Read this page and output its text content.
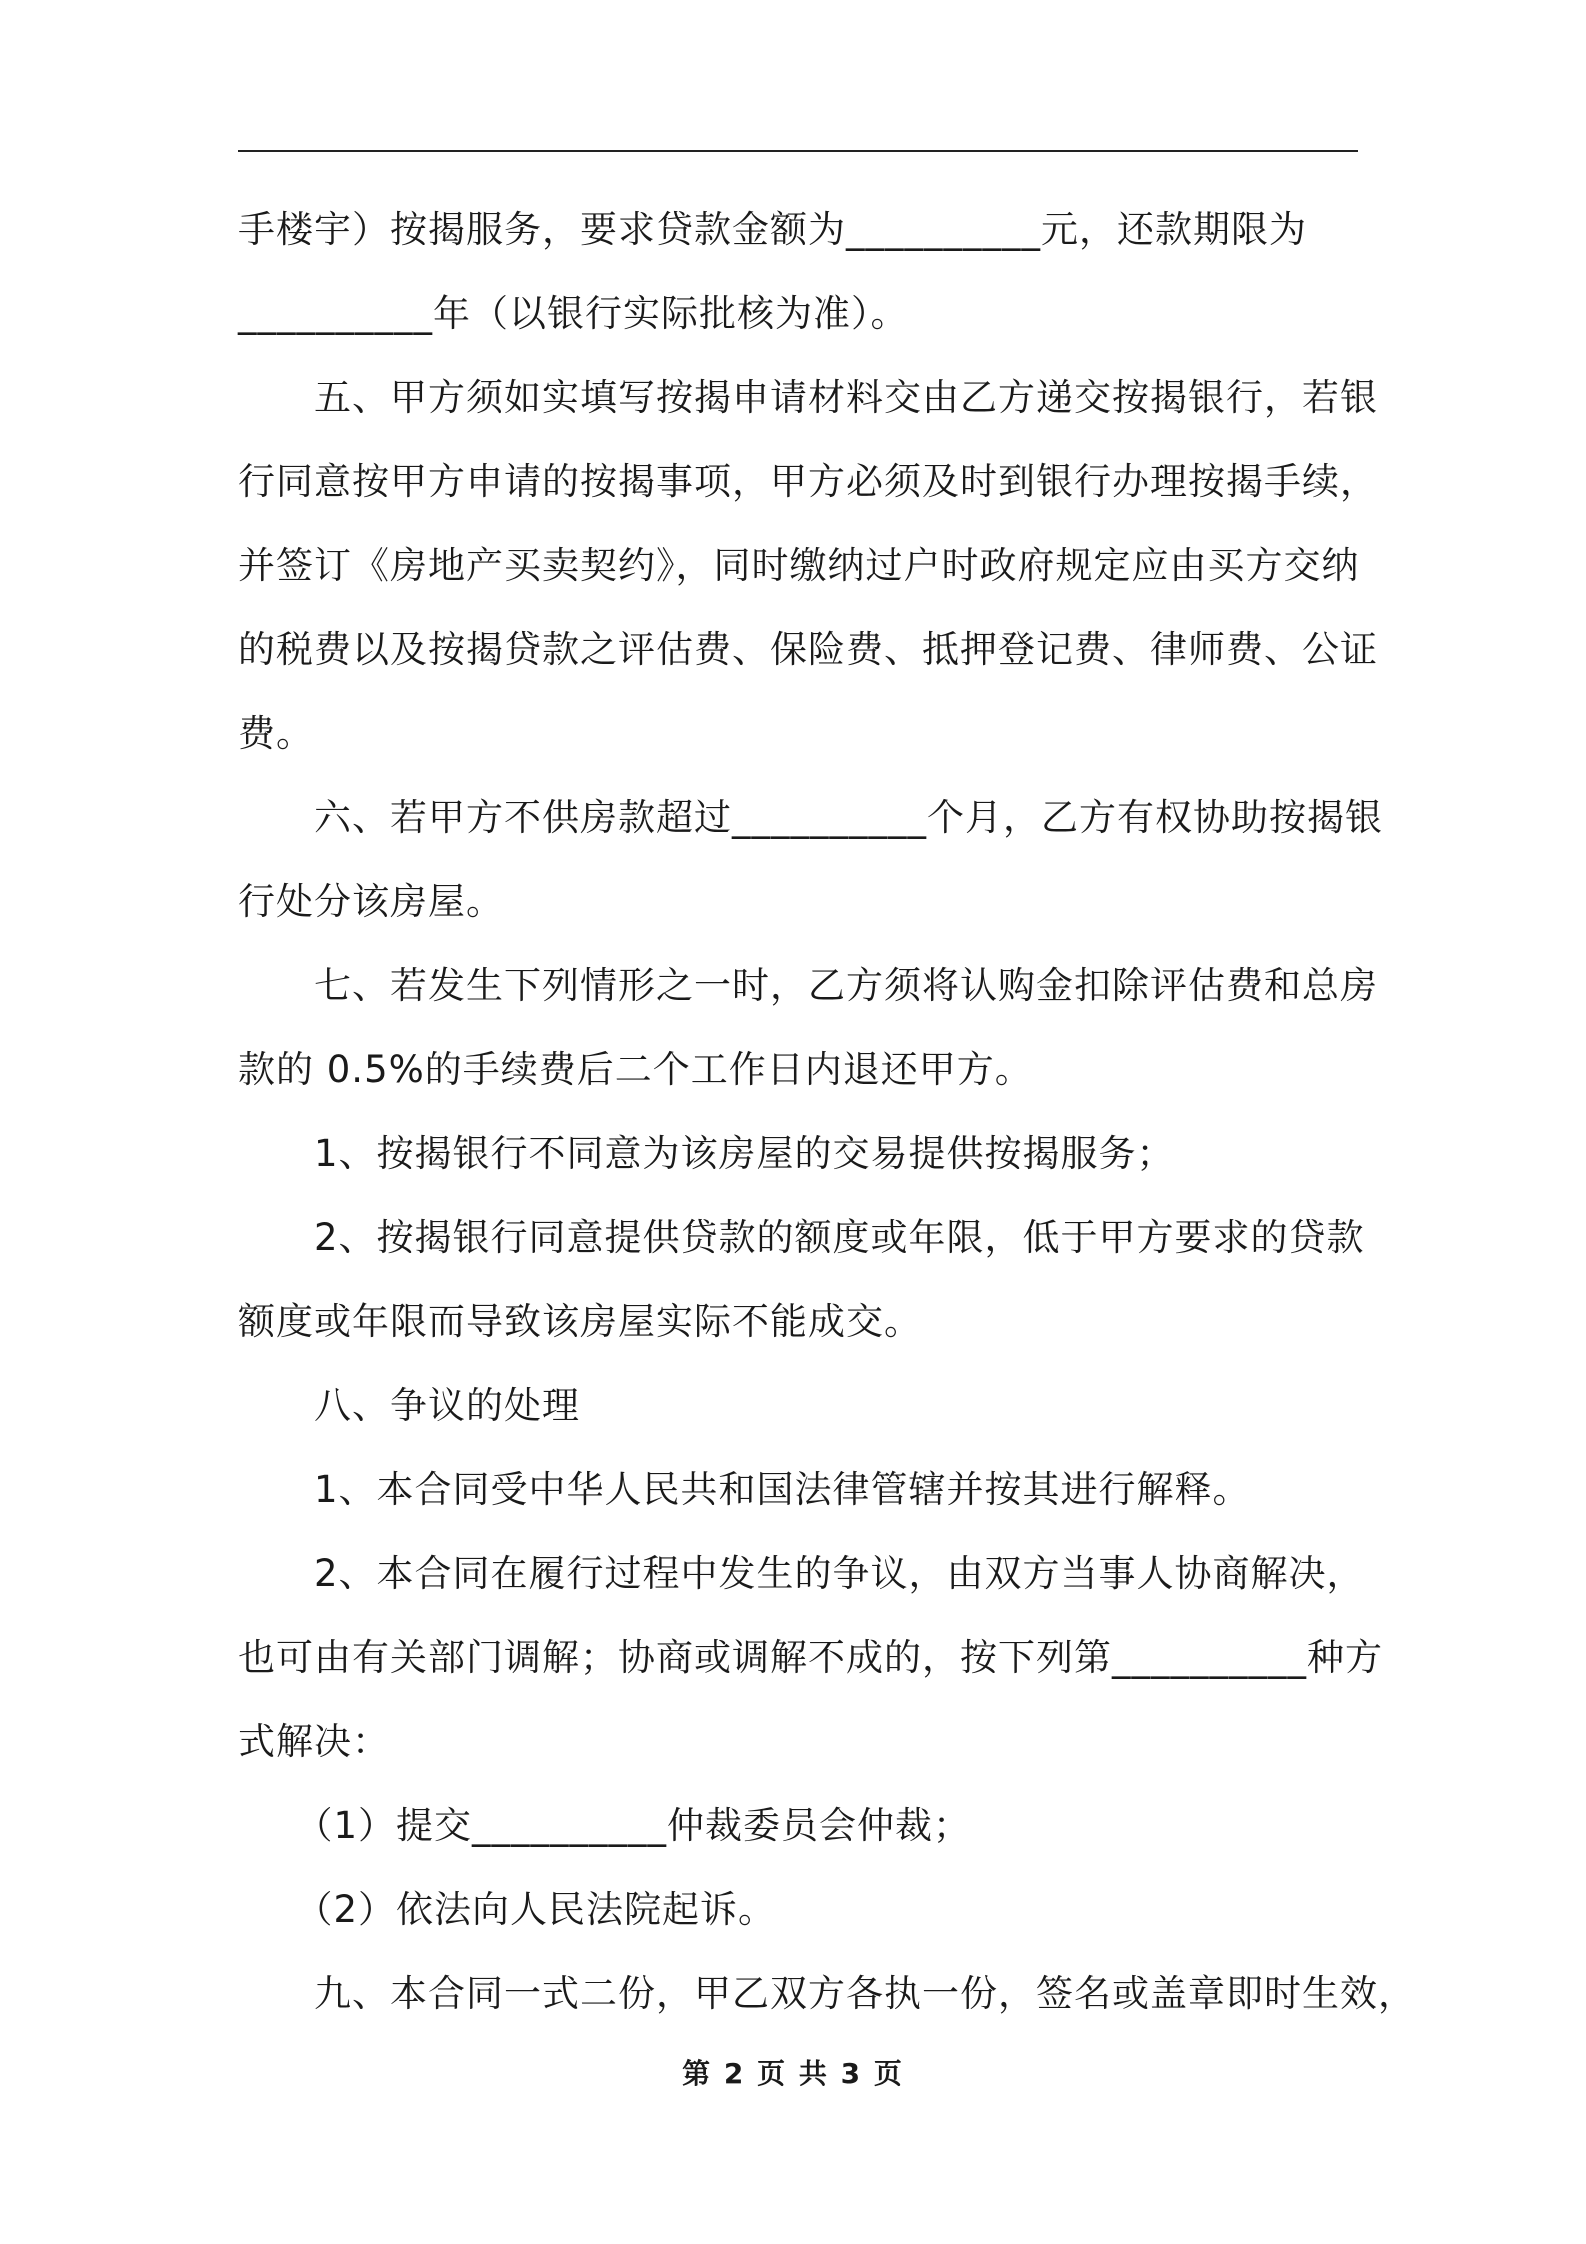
手楼宇）按揭服务，要求贷款金额为__________元，还款期限为
__________年（以银行实际批核为准）。
　　五、甲方须如实填写按揭申请材料交由乙方递交按揭银行，若银
行同意按甲方申请的按揭事项，甲方必须及时到银行办理按揭手续，
并签订《房地产买卖契约》，同时缴纳过户时政府规定应由买方交纳
的税费以及按揭贷款之评估费、保险费、抵押登记费、律师费、公证
费。
　　六、若甲方不供房款超过__________个月，乙方有权协助按揭银
行处分该房屋。
　　七、若发生下列情形之一时，乙方须将认购金扣除评估费和总房
款的 0.5%的手续费后二个工作日内退还甲方。
　　1、按揭银行不同意为该房屋的交易提供按揭服务；
　　2、按揭银行同意提供贷款的额度或年限，低于甲方要求的贷款
额度或年限而导致该房屋实际不能成交。
　　八、争议的处理
　　1、本合同受中华人民共和国法律管辖并按其进行解释。
　　2、本合同在履行过程中发生的争议，由双方当事人协商解决，
也可由有关部门调解；协商或调解不成的，按下列第__________种方
式解决：
　　（1）提交__________仲裁委员会仲裁；
　　（2）依法向人民法院起诉。
　　九、本合同一式二份，甲乙双方各执一份，签名或盖章即时生效，
第 2 页 共 3 页
